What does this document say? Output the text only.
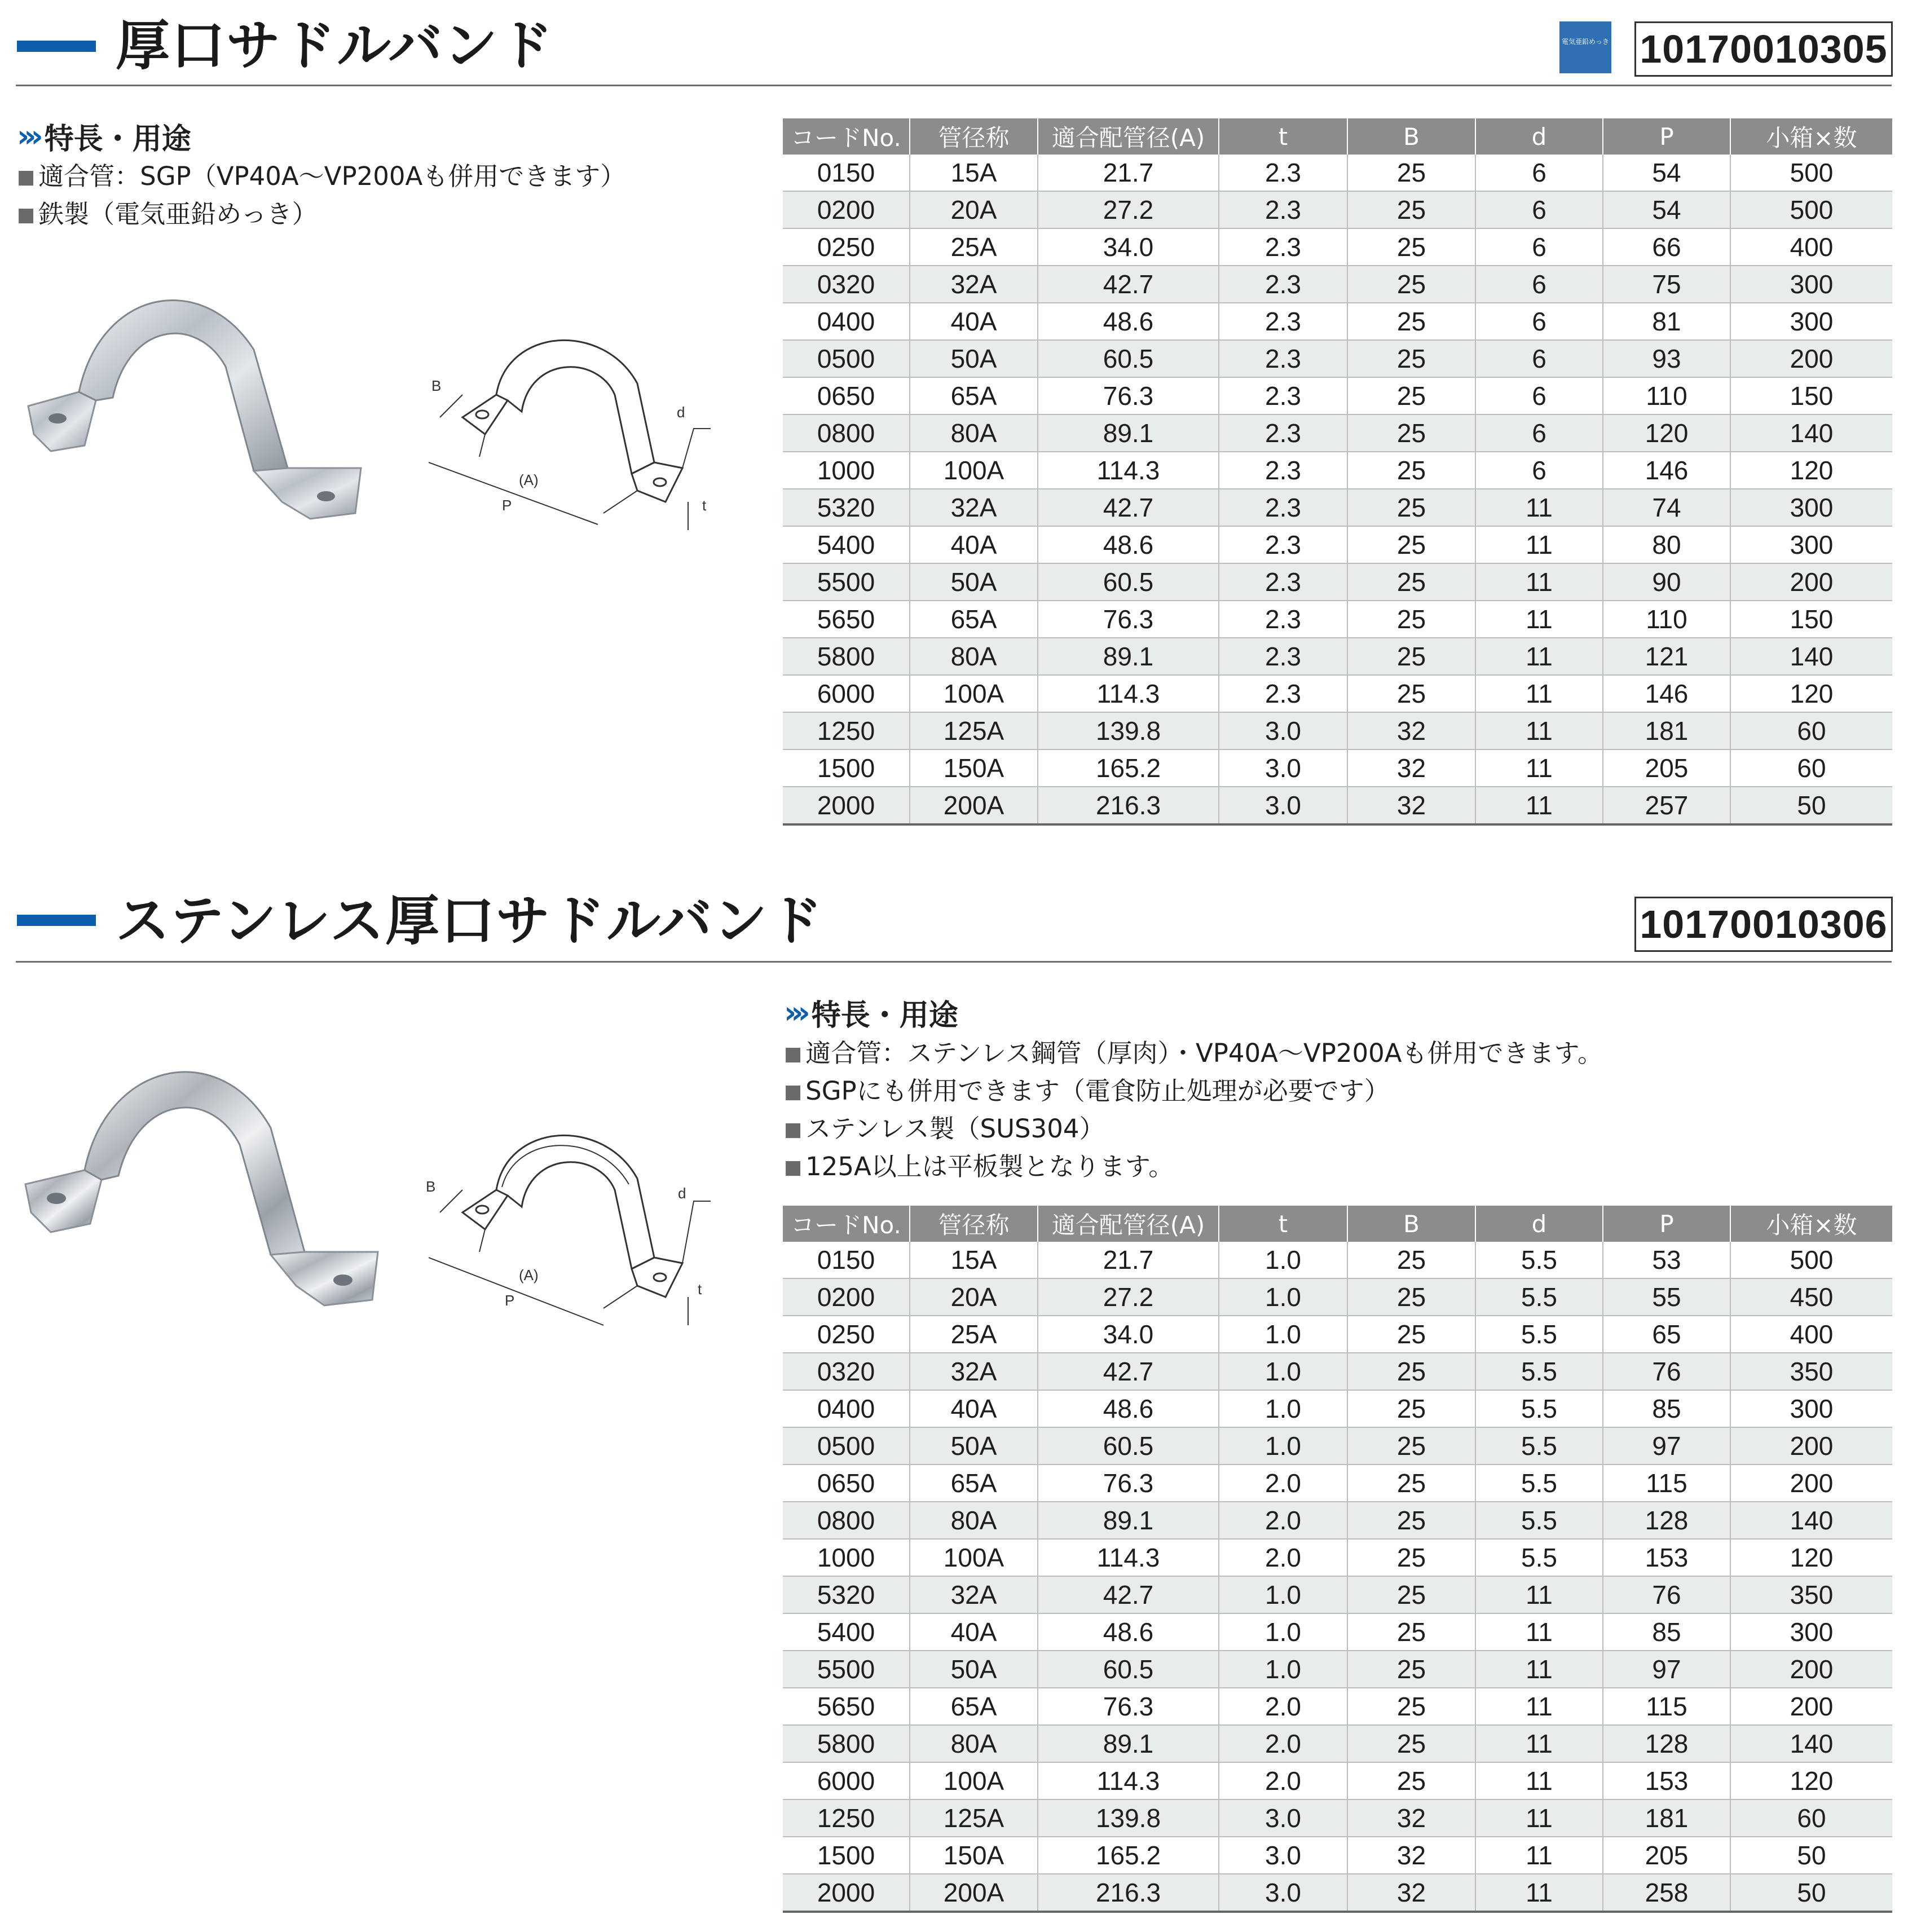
厚口サドルバンド	電気亜鉛めっき 10170010305
››› 特長・用途
■ 適合管：SGP（VP40A〜VP200Aも併用できます）
■ 鉄製（電気亜鉛めっき）
B
d
(A)
P	t
コードNo.	管径称	適合配管径(A)	t	B	d	P	小箱×数
0150	15A	21.7	2.3	25	6	54	500
0200	20A	27.2	2.3	25	6	54	500
0250	25A	34.0	2.3	25	6	66	400
0320	32A	42.7	2.3	25	6	75	300
0400	40A	48.6	2.3	25	6	81	300
0500	50A	60.5	2.3	25	6	93	200
0650	65A	76.3	2.3	25	6	110	150
0800	80A	89.1	2.3	25	6	120	140
1000	100A	114.3	2.3	25	6	146	120
5320	32A	42.7	2.3	25	11	74	300
5400	40A	48.6	2.3	25	11	80	300
5500	50A	60.5	2.3	25	11	90	200
5650	65A	76.3	2.3	25	11	110	150
5800	80A	89.1	2.3	25	11	121	140
6000	100A	114.3	2.3	25	11	146	120
1250	125A	139.8	3.0	32	11	181	60
1500	150A	165.2	3.0	32	11	205	60
2000	200A	216.3	3.0	32	11	257	50
ステンレス厚口サドルバンド	10170010306
››› 特長・用途
■ 適合管：ステンレス鋼管（厚肉）・VP40A〜VP200Aも併用できます。
■ SGPにも併用できます（電食防止処理が必要です）
■ ステンレス製（SUS304）
■ 125A以上は平板製となります。
B	d
(A)
P
t
コードNo.	管径称	適合配管径(A)	t	B	d	P	小箱×数
0150	15A	21.7	1.0	25	5.5	53	500
0200	20A	27.2	1.0	25	5.5	55	450
0250	25A	34.0	1.0	25	5.5	65	400
0320	32A	42.7	1.0	25	5.5	76	350
0400	40A	48.6	1.0	25	5.5	85	300
0500	50A	60.5	1.0	25	5.5	97	200
0650	65A	76.3	2.0	25	5.5	115	200
0800	80A	89.1	2.0	25	5.5	128	140
1000	100A	114.3	2.0	25	5.5	153	120
5320	32A	42.7	1.0	25	11	76	350
5400	40A	48.6	1.0	25	11	85	300
5500	50A	60.5	1.0	25	11	97	200
5650	65A	76.3	2.0	25	11	115	200
5800	80A	89.1	2.0	25	11	128	140
6000	100A	114.3	2.0	25	11	153	120
1250	125A	139.8	3.0	32	11	181	60
1500	150A	165.2	3.0	32	11	205	50
2000	200A	216.3	3.0	32	11	258	50
